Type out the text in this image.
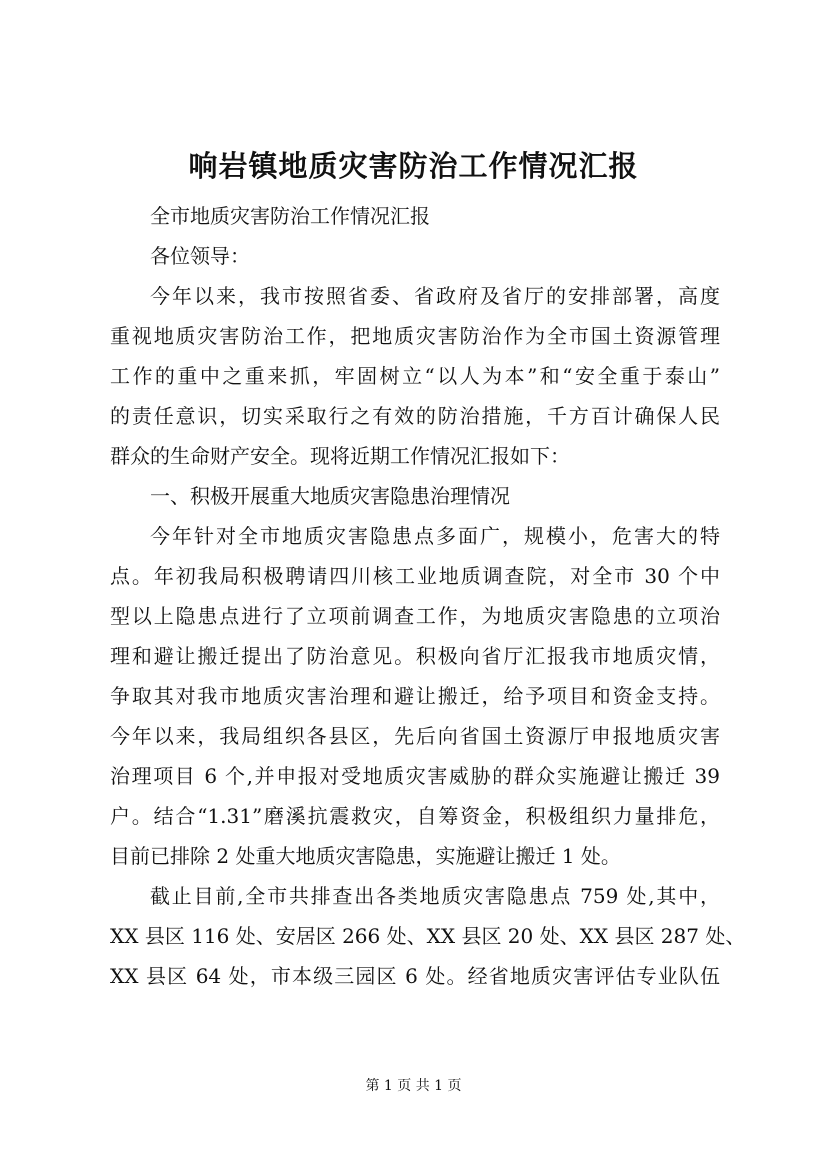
响岩镇地质灾害防治工作情况汇报
全市地质灾害防治工作情况汇报
各位领导：
今年以来，我市按照省委、省政府及省厅的安排部署，高度
重视地质灾害防治工作，把地质灾害防治作为全市国土资源管理
工作的重中之重来抓，牢固树立“以人为本”和“安全重于泰山”
的责任意识，切实采取行之有效的防治措施，千方百计确保人民
群众的生命财产安全。现将近期工作情况汇报如下：
一、积极开展重大地质灾害隐患治理情况
今年针对全市地质灾害隐患点多面广，规模小，危害大的特
点。年初我局积极聘请四川核工业地质调查院，对全市 30 个中
型以上隐患点进行了立项前调查工作，为地质灾害隐患的立项治
理和避让搬迁提出了防治意见。积极向省厅汇报我市地质灾情，
争取其对我市地质灾害治理和避让搬迁，给予项目和资金支持。
今年以来，我局组织各县区，先后向省国土资源厅申报地质灾害
治理项目 6 个,并申报对受地质灾害威胁的群众实施避让搬迁 39
户。结合“1.31”磨溪抗震救灾，自筹资金，积极组织力量排危，
目前已排除 2 处重大地质灾害隐患，实施避让搬迁 1 处。
截止目前,全市共排查出各类地质灾害隐患点 759 处,其中，
XX 县区 116 处、安居区 266 处、XX 县区 20 处、XX 县区 287 处、
XX 县区 64 处，市本级三园区 6 处。经省地质灾害评估专业队伍
第 1 页 共 1 页
